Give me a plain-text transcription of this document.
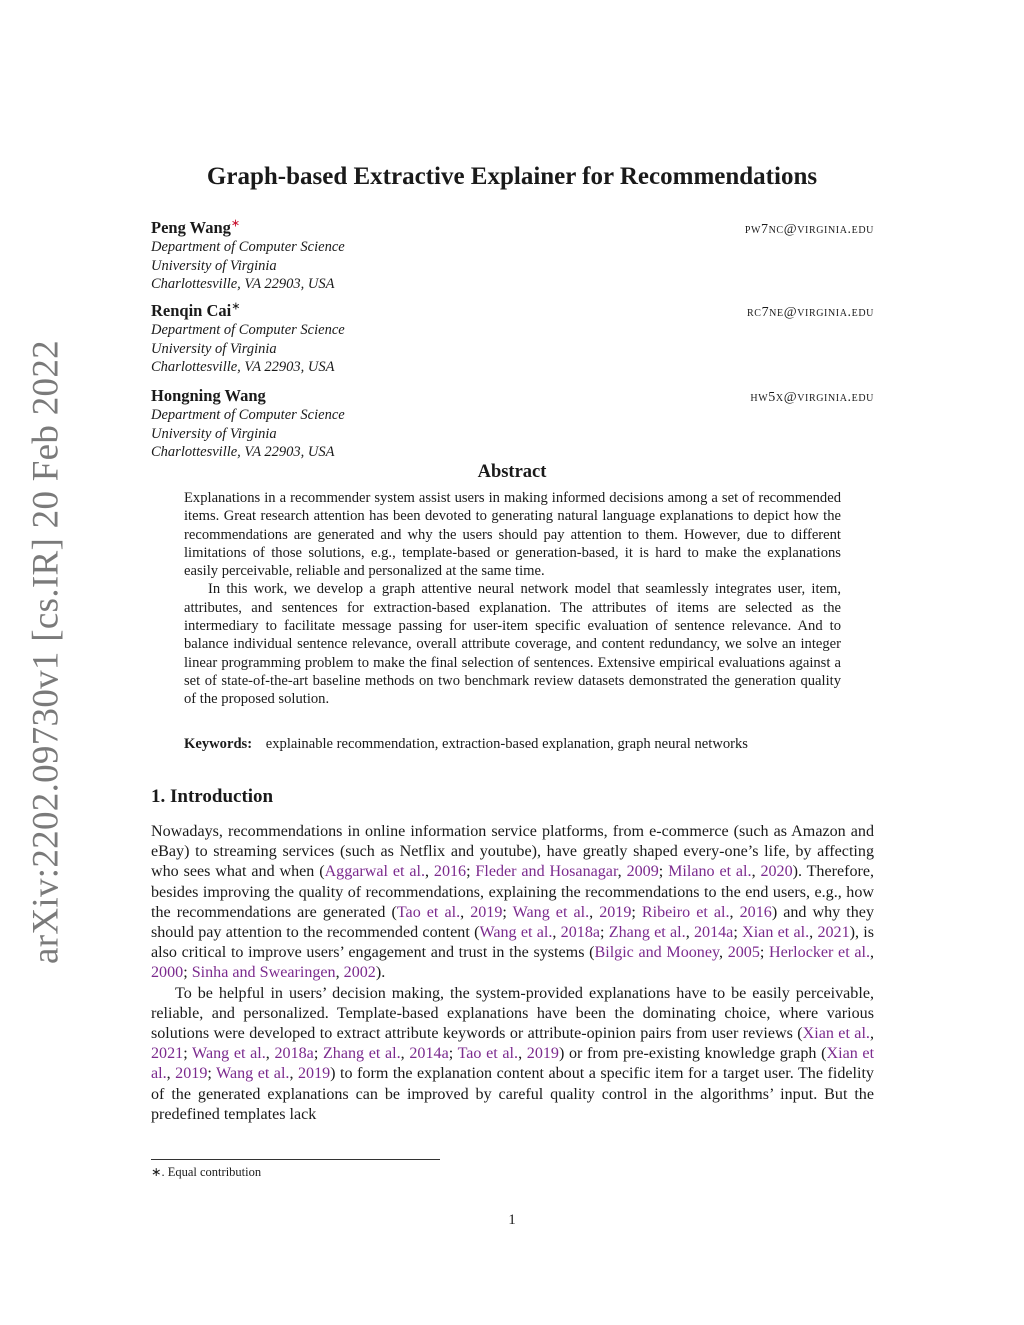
arXiv:2202.09730v1 [cs.IR] 20 Feb 2022
Graph-based Extractive Explainer for Recommendations
Peng Wang∗	pw7nc@virginia.edu
Department of Computer Science
University of Virginia
Charlottesville, VA 22903, USA
Renqin Cai∗	rc7ne@virginia.edu
Department of Computer Science
University of Virginia
Charlottesville, VA 22903, USA
Hongning Wang	hw5x@virginia.edu
Department of Computer Science
University of Virginia
Charlottesville, VA 22903, USA
Abstract

Explanations in a recommender system assist users in making informed decisions among a set of recommended items. Great research attention has been devoted to generating natural language explanations to depict how the recommendations are generated and why the users should pay attention to them. However, due to different limitations of those solutions, e.g., template-based or generation-based, it is hard to make the explanations easily perceivable, reliable and personalized at the same time.

In this work, we develop a graph attentive neural network model that seamlessly integrates user, item, attributes, and sentences for extraction-based explanation. The attributes of items are selected as the intermediary to facilitate message passing for user-item specific evaluation of sentence relevance. And to balance individual sentence relevance, overall attribute coverage, and content redundancy, we solve an integer linear programming problem to make the final selection of sentences. Extensive empirical evaluations against a set of state-of-the-art baseline methods on two benchmark review datasets demonstrated the generation quality of the proposed solution.

Keywords: explainable recommendation, extraction-based explanation, graph neural networks
1. Introduction

Nowadays, recommendations in online information service platforms, from e-commerce (such as Amazon and eBay) to streaming services (such as Netflix and youtube), have greatly shaped every-one’s life, by affecting who sees what and when (Aggarwal et al., 2016; Fleder and Hosanagar, 2009; Milano et al., 2020). Therefore, besides improving the quality of recommendations, explaining the recommendations to the end users, e.g., how the recommendations are generated (Tao et al., 2019; Wang et al., 2019; Ribeiro et al., 2016) and why they should pay attention to the recommended content (Wang et al., 2018a; Zhang et al., 2014a; Xian et al., 2021), is also critical to improve users’ engagement and trust in the systems (Bilgic and Mooney, 2005; Herlocker et al., 2000; Sinha and Swearingen, 2002).

To be helpful in users’ decision making, the system-provided explanations have to be easily perceivable, reliable, and personalized. Template-based explanations have been the dominating choice, where various solutions were developed to extract attribute keywords or attribute-opinion pairs from user reviews (Xian et al., 2021; Wang et al., 2018a; Zhang et al., 2014a; Tao et al., 2019) or from pre-existing knowledge graph (Xian et al., 2019; Wang et al., 2019) to form the explanation content about a specific item for a target user. The fidelity of the generated explanations can be improved by careful quality control in the algorithms’ input. But the predefined templates lack

∗. Equal contribution
1
